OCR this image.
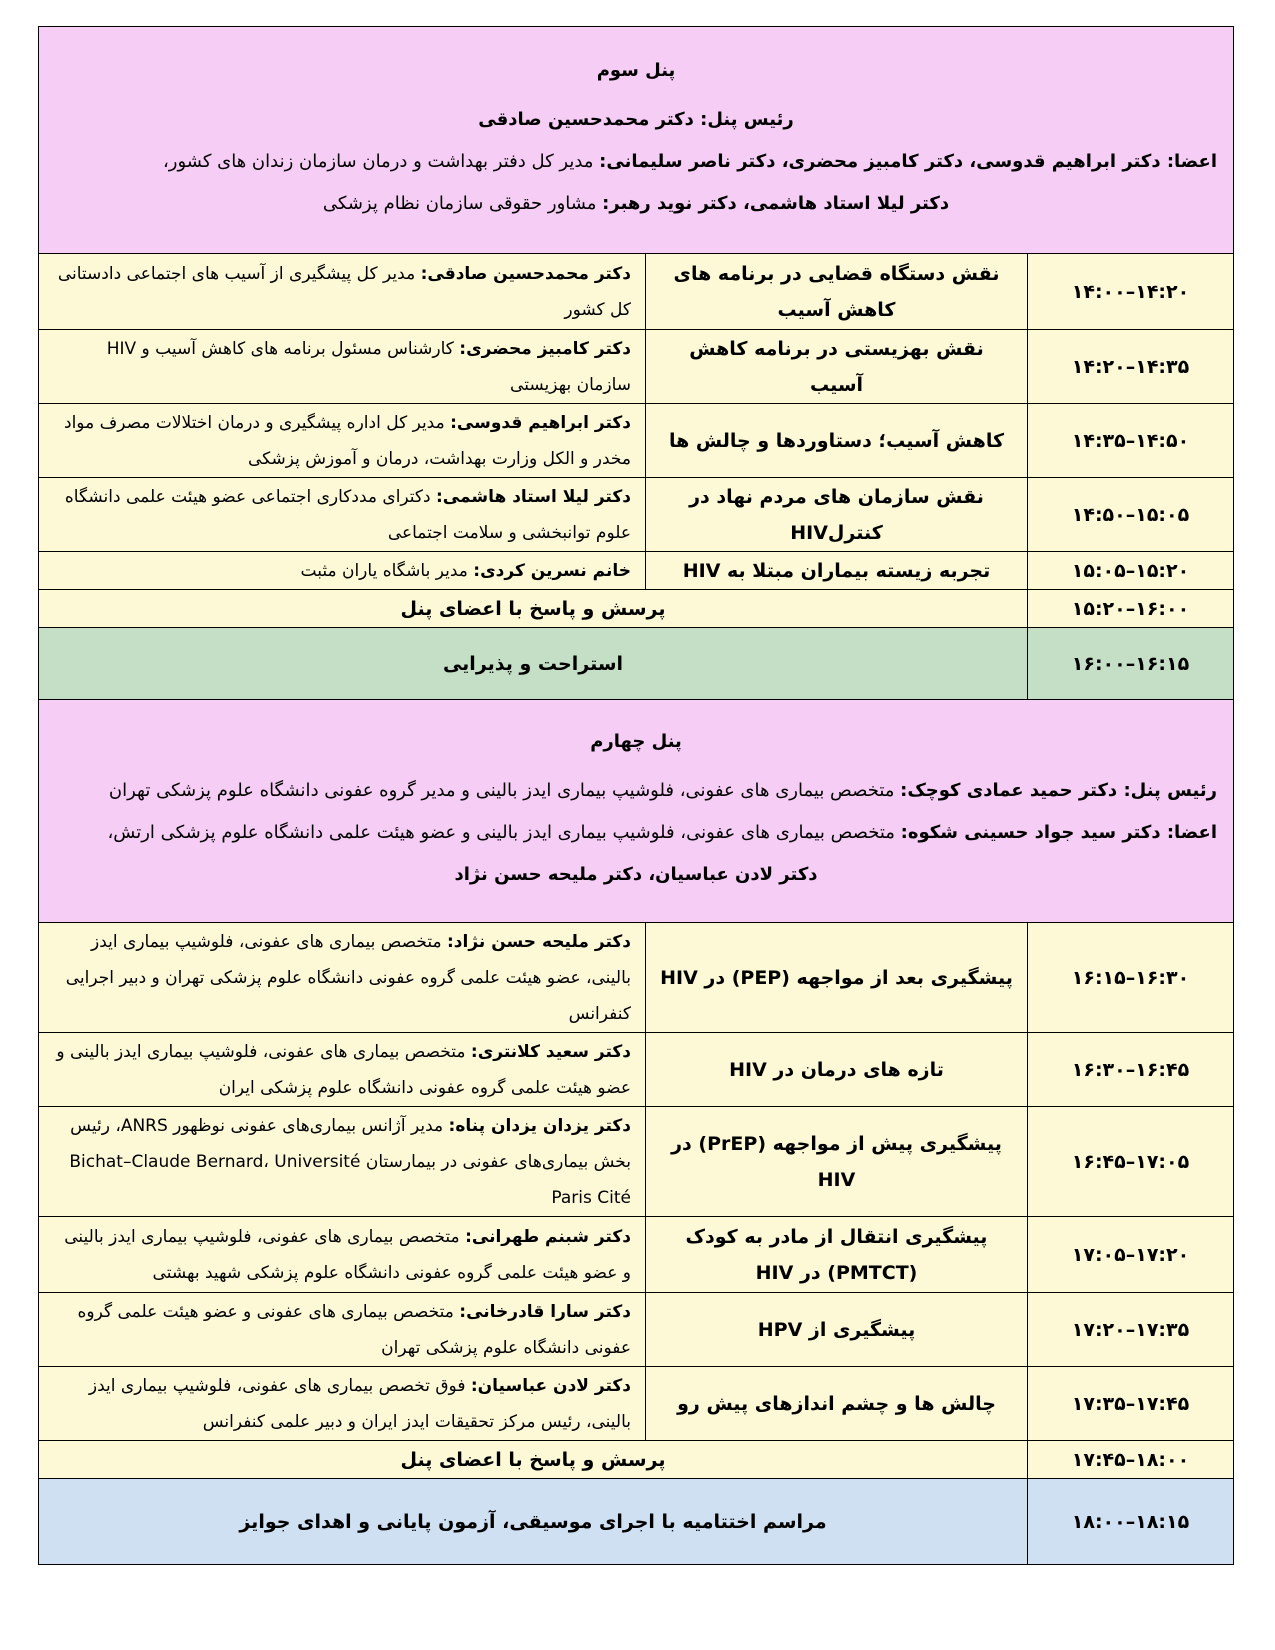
پنل سوم
رئیس پنل: دکتر محمدحسین صادقی
اعضا: دکتر ابراهیم قدوسی، دکتر کامبیز محضری، دکتر ناصر سلیمانی: مدیر کل دفتر بهداشت و درمان سازمان زندان های کشور،
دکتر لیلا استاد هاشمی، دکتر نوید رهبر: مشاور حقوقی سازمان نظام پزشکی		

۱۴:۰۰–۱۴:۲۰	نقش دستگاه قضایی در برنامه های کاهش آسیب	دکتر محمدحسین صادقی: مدیر کل پیشگیری از آسیب های اجتماعی دادستانی کل کشور
۱۴:۲۰–۱۴:۳۵	نقش بهزیستی در برنامه کاهش آسیب	دکتر کامبیز محضری: کارشناس مسئول برنامه های کاهش آسیب و HIV سازمان بهزیستی
۱۴:۳۵–۱۴:۵۰	کاهش آسیب؛ دستاوردها و چالش ها	دکتر ابراهیم قدوسی: مدیر کل اداره پیشگیری و درمان اختلالات مصرف مواد مخدر و الکل وزارت بهداشت، درمان و آموزش پزشکی
۱۴:۵۰–۱۵:۰۵	نقش سازمان های مردم نهاد در کنترلHIV	دکتر لیلا استاد هاشمی: دکترای مددکاری اجتماعی عضو هیئت علمی دانشگاه علوم توانبخشی و سلامت اجتماعی
۱۵:۰۵–۱۵:۲۰	تجربه زیسته بیماران مبتلا به HIV	خانم نسرین کردی: مدیر باشگاه یاران مثبت
۱۵:۲۰–۱۶:۰۰	پرسش و پاسخ با اعضای پنل	
۱۶:۰۰–۱۶:۱۵	استراحت و پذیرایی	

پنل چهارم
رئیس پنل: دکتر حمید عمادی کوچک: متخصص بیماری های عفونی، فلوشیپ بیماری ایدز بالینی و مدیر گروه عفونی دانشگاه علوم پزشکی تهران
اعضا: دکتر سید جواد حسینی شکوه: متخصص بیماری های عفونی، فلوشیپ بیماری ایدز بالینی و عضو هیئت علمی دانشگاه علوم پزشکی ارتش،
دکتر لادن عباسیان، دکتر ملیحه حسن نژاد		

۱۶:۱۵–۱۶:۳۰	پیشگیری بعد از مواجهه (PEP) در HIV	دکتر ملیحه حسن نژاد: متخصص بیماری های عفونی، فلوشیپ بیماری ایدز بالینی، عضو هیئت علمی گروه عفونی دانشگاه علوم پزشکی تهران و دبیر اجرایی کنفرانس
۱۶:۳۰–۱۶:۴۵	تازه های درمان در HIV	دکتر سعید کلانتری: متخصص بیماری های عفونی، فلوشیپ بیماری ایدز بالینی و عضو هیئت علمی گروه عفونی دانشگاه علوم پزشکی ایران
۱۶:۴۵–۱۷:۰۵	پیشگیری پیش از مواجهه (PrEP) در HIV	دکتر یزدان یزدان پناه: مدیر آژانس بیماری‌های عفونی نوظهور ANRS، رئیس بخش بیماری‌های عفونی در بیمارستان Bichat–Claude Bernard، Université Paris Cité
۱۷:۰۵–۱۷:۲۰	پیشگیری انتقال از مادر به کودک (PMTCT) در HIV	دکتر شبنم طهرانی: متخصص بیماری های عفونی، فلوشیپ بیماری ایدز بالینی و عضو هیئت علمی گروه عفونی دانشگاه علوم پزشکی شهید بهشتی
۱۷:۲۰–۱۷:۳۵	پیشگیری از HPV	دکتر سارا قادرخانی: متخصص بیماری های عفونی و عضو هیئت علمی گروه عفونی دانشگاه علوم پزشکی تهران
۱۷:۳۵–۱۷:۴۵	چالش ها و چشم اندازهای پیش رو	دکتر لادن عباسیان: فوق تخصص بیماری های عفونی، فلوشیپ بیماری ایدز بالینی، رئیس مرکز تحقیقات ایدز ایران و دبیر علمی کنفرانس
۱۷:۴۵–۱۸:۰۰	پرسش و پاسخ با اعضای پنل	
۱۸:۰۰–۱۸:۱۵	مراسم اختتامیه با اجرای موسیقی، آزمون پایانی و اهدای جوایز	
